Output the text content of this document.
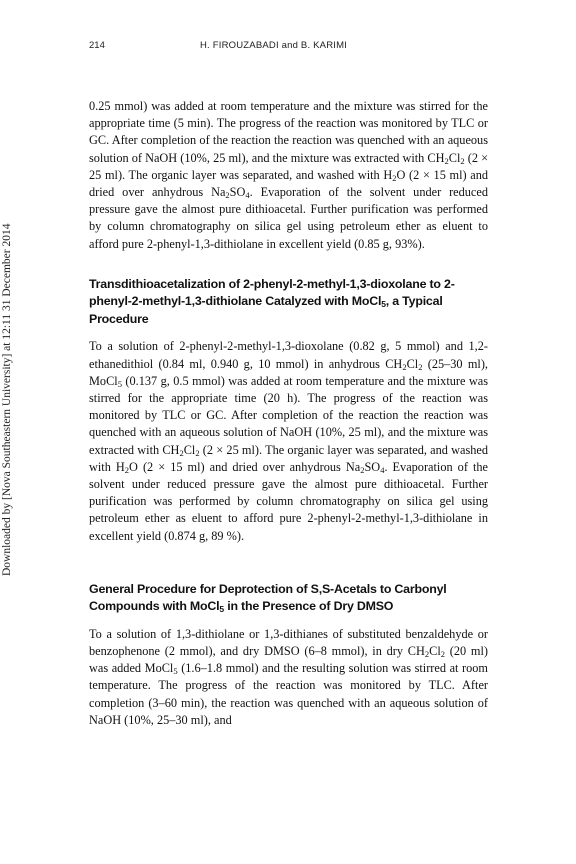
Downloaded by [Nova Southeastern University] at 12:11 31 December 2014
214	H. FIROUZABADI and B. KARIMI

0.25 mmol) was added at room temperature and the mixture was stirred for the appropriate time (5 min). The progress of the reaction was monitored by TLC or GC. After completion of the reaction the reaction was quenched with an aqueous solution of NaOH (10%, 25 ml), and the mixture was extracted with $CH_2Cl_2$ (2 × 25 ml). The organic layer was separated, and washed with $H_2O$ (2 × 15 ml) and dried over anhydrous $Na_2SO_4$. Evaporation of the solvent under reduced pressure gave the almost pure dithioacetal. Further purification was performed by column chromatography on silica gel using petroleum ether as eluent to afford pure 2-phenyl-1,3-dithiolane in excellent yield (0.85 g, 93%).

Transdithioacetalization of 2-phenyl-2-methyl-1,3-dioxolane to 2-phenyl-2-methyl-1,3-dithiolane Catalyzed with MoCl$_5$, a Typical Procedure

To a solution of 2-phenyl-2-methyl-1,3-dioxolane (0.82 g, 5 mmol) and 1,2-ethanedithiol (0.84 ml, 0.940 g, 10 mmol) in anhydrous $CH_2Cl_2$ (25–30 ml), MoCl$_5$ (0.137 g, 0.5 mmol) was added at room temperature and the mixture was stirred for the appropriate time (20 h). The progress of the reaction was monitored by TLC or GC. After completion of the reaction the reaction was quenched with an aqueous solution of NaOH (10%, 25 ml), and the mixture was extracted with $CH_2Cl_2$ (2 × 25 ml). The organic layer was separated, and washed with $H_2O$ (2 × 15 ml) and dried over anhydrous $Na_2SO_4$. Evaporation of the solvent under reduced pressure gave the almost pure dithioacetal. Further purification was performed by column chromatography on silica gel using petroleum ether as eluent to afford pure 2-phenyl-2-methyl-1,3-dithiolane in excellent yield (0.874 g, 89 %).

General Procedure for Deprotection of S,S-Acetals to Carbonyl Compounds with MoCl$_5$ in the Presence of Dry DMSO

To a solution of 1,3-dithiolane or 1,3-dithianes of substituted benzaldehyde or benzophenone (2 mmol), and dry DMSO (6–8 mmol), in dry $CH_2Cl_2$ (20 ml) was added MoCl$_5$ (1.6–1.8 mmol) and the resulting solution was stirred at room temperature. The progress of the reaction was monitored by TLC. After completion (3–60 min), the reaction was quenched with an aqueous solution of NaOH (10%, 25–30 ml), and
